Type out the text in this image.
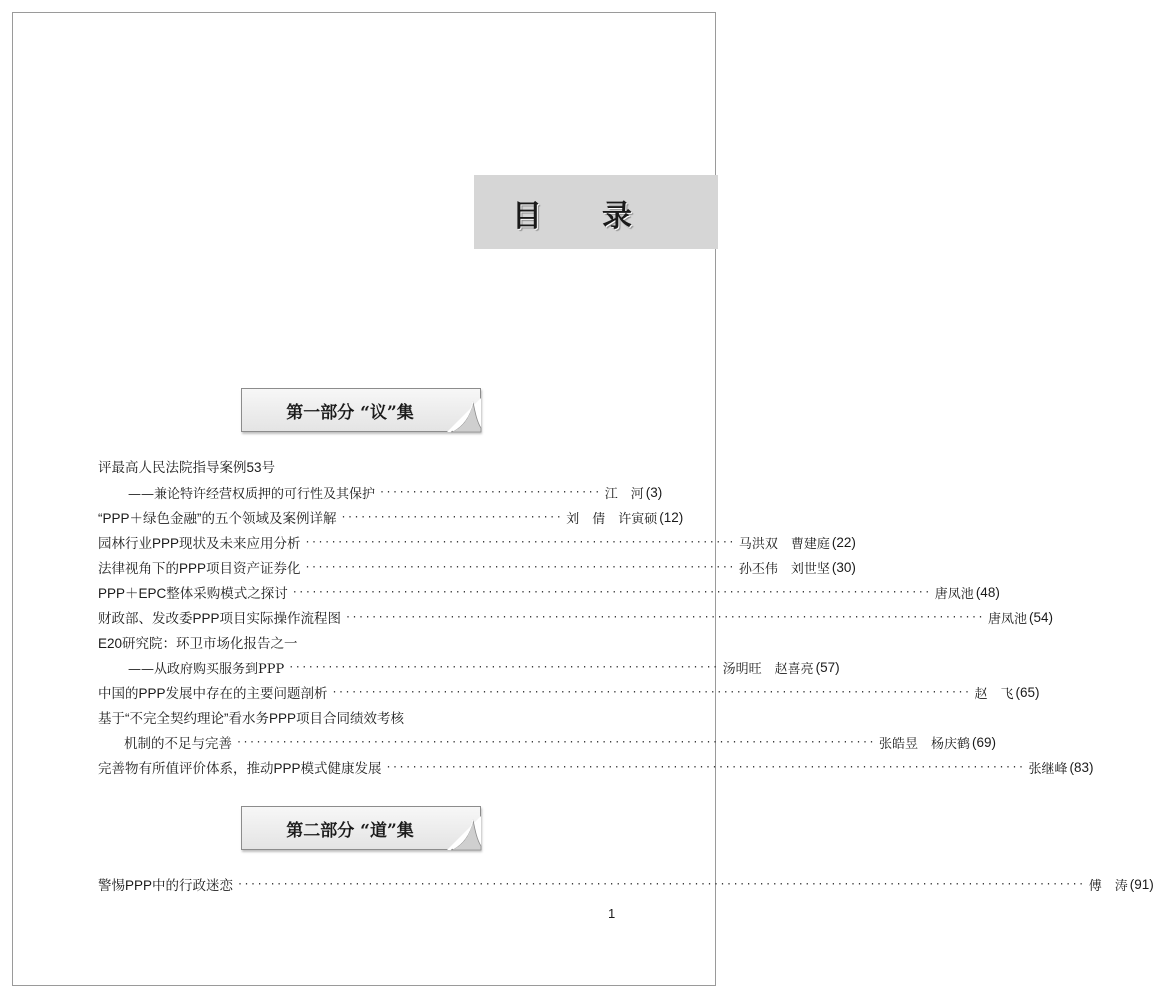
目 录
第一部分 “议”集
评最高人民法院指导案例53号
——兼论特许经营权质押的可行性及其保护 ·································· 江　河 (3)
“PPP＋绿色金融”的五个领域及案例详解 ·································· 刘　倩　许寅硕 (12)
园林行业PPP现状及未来应用分析 ·································································· 马洪双　曹建庭 (22)
法律视角下的PPP项目资产证券化 ·································································· 孙丕伟　刘世坚 (30)
PPP＋EPC整体采购模式之探讨 ·································································································· 唐凤池 (48)
财政部、发改委PPP项目实际操作流程图 ·································································································· 唐凤池 (54)
E20研究院：环卫市场化报告之一
——从政府购买服务到PPP ·································································· 汤明旺　赵喜亮 (57)
中国的PPP发展中存在的主要问题剖析 ·································································································· 赵　飞 (65)
基于“不完全契约理论”看水务PPP项目合同绩效考核
机制的不足与完善 ·································································································· 张皓昱　杨庆鹤 (69)
完善物有所值评价体系，推动PPP模式健康发展 ·································································································· 张继峰 (83)
第二部分 “道”集
警惕PPP中的行政迷恋 ·································································································································· 傅　涛 (91)
1
